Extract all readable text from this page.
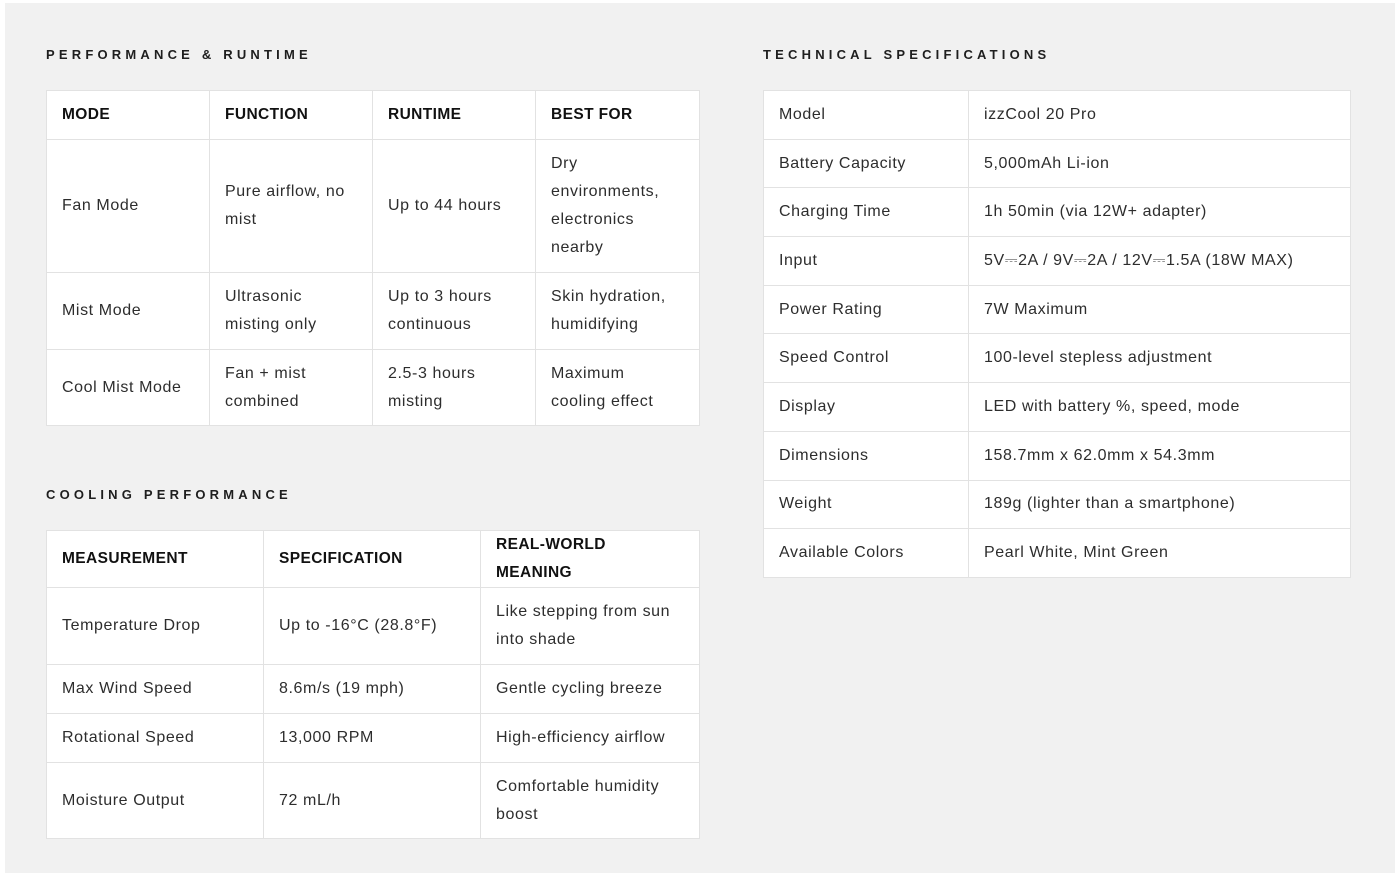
PERFORMANCE & RUNTIME
MODE	FUNCTION	RUNTIME	BEST FOR
Fan Mode	Pure airflow, no mist	Up to 44 hours	Dry environments, electronics nearby
Mist Mode	Ultrasonic misting only	Up to 3 hours continuous	Skin hydration, humidifying
Cool Mist Mode	Fan + mist combined	2.5-3 hours misting	Maximum cooling effect
COOLING PERFORMANCE
MEASUREMENT	SPECIFICATION	REAL-WORLD MEANING
Temperature Drop	Up to -16°C (28.8°F)	Like stepping from sun into shade
Max Wind Speed	8.6m/s (19 mph)	Gentle cycling breeze
Rotational Speed	13,000 RPM	High-efficiency airflow
Moisture Output	72 mL/h	Comfortable humidity boost
TECHNICAL SPECIFICATIONS
Model	izzCool 20 Pro
Battery Capacity	5,000mAh Li-ion
Charging Time	1h 50min (via 12W+ adapter)
Input	5V⎓2A / 9V⎓2A / 12V⎓1.5A (18W MAX)
Power Rating	7W Maximum
Speed Control	100-level stepless adjustment
Display	LED with battery %, speed, mode
Dimensions	158.7mm x 62.0mm x 54.3mm
Weight	189g (lighter than a smartphone)
Available Colors	Pearl White, Mint Green
